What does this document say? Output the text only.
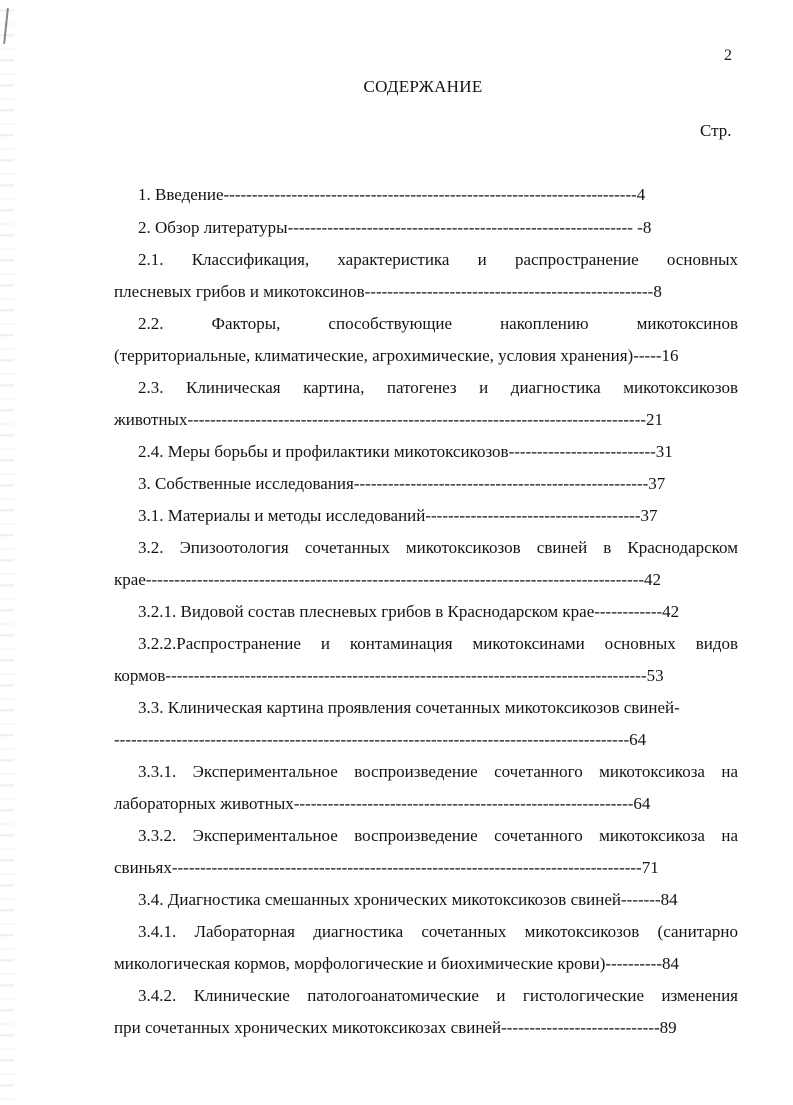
2
СОДЕРЖАНИЕ
Стр.
1. Введение-------------------------------------------------------------------------4
2. Обзор литературы------------------------------------------------------------- -8
2.1. Классификация, характеристика и распространение основных
плесневых грибов и микотоксинов---------------------------------------------------8
2.2. Факторы, способствующие накоплению микотоксинов
(территориальные, климатические, агрохимические, условия хранения)-----16
2.3. Клиническая картина, патогенез и диагностика микотоксикозов
животных---------------------------------------------------------------------------------21
2.4. Меры борьбы и профилактики микотоксикозов--------------------------31
3. Собственные исследования----------------------------------------------------37
3.1. Материалы и методы исследований--------------------------------------37
3.2. Эпизоотология сочетанных микотоксикозов свиней в Краснодарском
крае----------------------------------------------------------------------------------------42
3.2.1. Видовой состав плесневых грибов в Краснодарском крае------------42
3.2.2.Распространение и контаминация микотоксинами основных видов
кормов-------------------------------------------------------------------------------------53
3.3. Клиническая картина проявления сочетанных микотоксикозов свиней-
-------------------------------------------------------------------------------------------64
3.3.1. Экспериментальное воспроизведение сочетанного микотоксикоза на
лабораторных животных------------------------------------------------------------64
3.3.2. Экспериментальное воспроизведение сочетанного микотоксикоза на
свиньях-----------------------------------------------------------------------------------71
3.4. Диагностика смешанных хронических микотоксикозов свиней-------84
3.4.1. Лабораторная диагностика сочетанных микотоксикозов (санитарно
микологическая кормов, морфологические и биохимические крови)----------84
3.4.2. Клинические патологоанатомические и гистологические изменения
при сочетанных хронических микотоксикозах свиней----------------------------89
